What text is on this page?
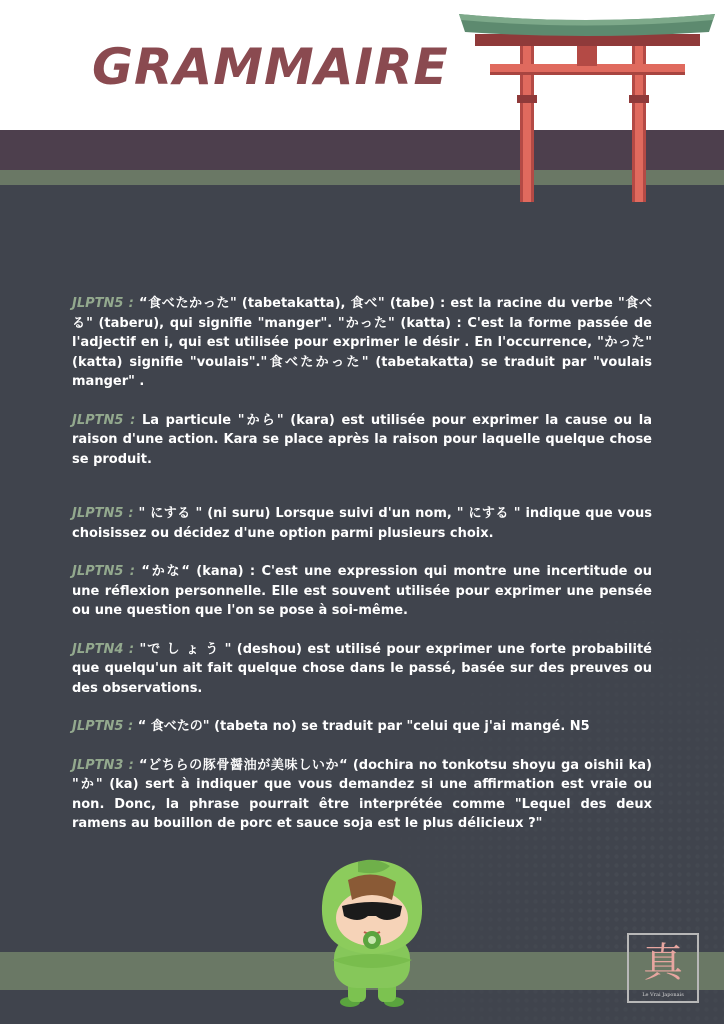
GRAMMAIRE

JLPTN5 : “食べたかった" (tabetakatta), 食べ" (tabe) : est la racine du verbe "食べる" (taberu), qui signifie "manger". "かった" (katta) : C'est la forme passée de l'adjectif en i, qui est utilisée pour exprimer le désir . En l'occurrence, "かった" (katta) signifie "voulais"."食べたかった" (tabetakatta) se traduit par "voulais manger" .

JLPTN5 : La particule "から" (kara) est utilisée pour exprimer la cause ou la raison d'une action. Kara se place après la raison pour laquelle quelque chose se produit.

JLPTN5 : " にする " (ni suru) Lorsque suivi d'un nom, " にする " indique que vous choisissez ou décidez d'une option parmi plusieurs choix.

JLPTN5 : “かな“ (kana) : C'est une expression qui montre une incertitude ou une réflexion personnelle. Elle est souvent utilisée pour exprimer une pensée ou une question que l'on se pose à soi-même.

JLPTN4 : "で し ょ う " (deshou) est utilisé pour exprimer une forte probabilité que quelqu'un ait fait quelque chose dans le passé, basée sur des preuves ou des observations.

JLPTN5 : “ 食べたの" (tabeta no) se traduit par "celui que j'ai mangé. N5

JLPTN3 : “どちらの豚骨醤油が美味しいか“ (dochira no tonkotsu shoyu ga oishii ka) "か" (ka) sert à indiquer que vous demandez si une affirmation est vraie ou non. Donc, la phrase pourrait être interprétée comme "Lequel des deux ramens au bouillon de porc et sauce soja est le plus délicieux ?"

真
Le Vrai Japonais
